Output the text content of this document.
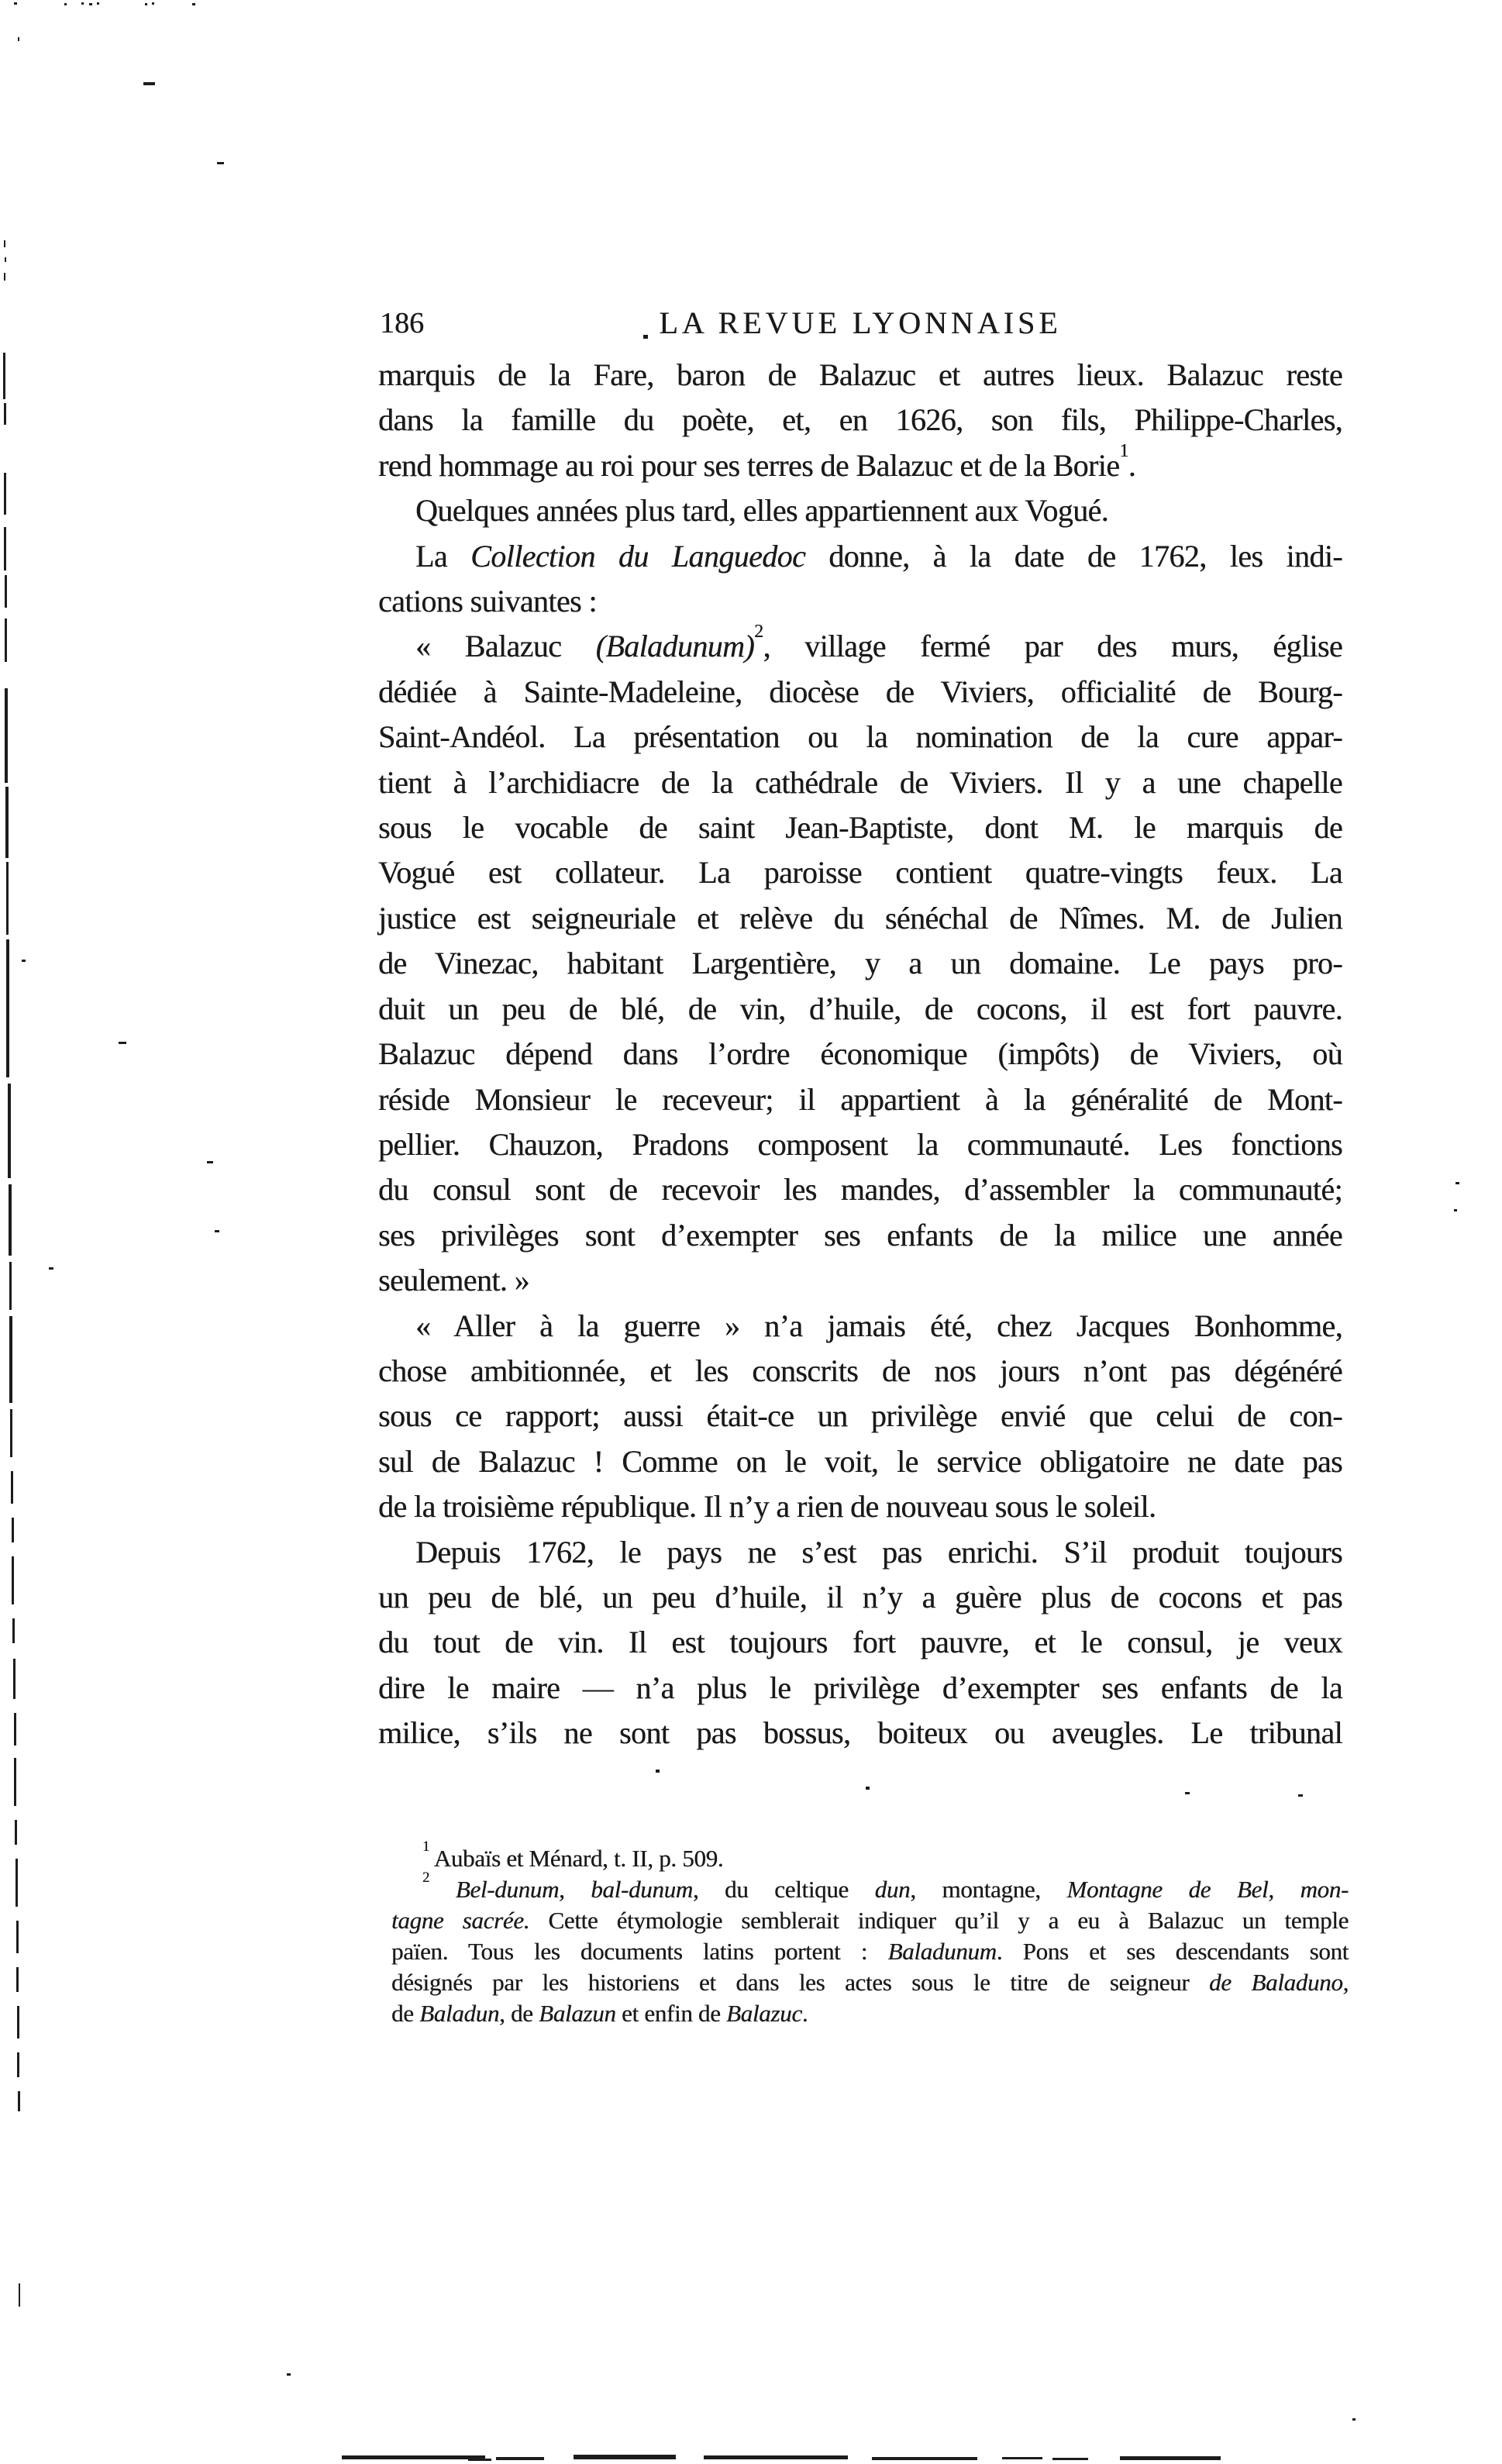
186	LA REVUE LYONNAISE
marquis de la Fare, baron de Balazuc et autres lieux. Balazuc reste
dans la famille du poète, et, en 1626, son fils, Philippe-Charles,
rend hommage au roi pour ses terres de Balazuc et de la Borie$^1$.
Quelques années plus tard, elles appartiennent aux Vogué.
La Collection du Languedoc donne, à la date de 1762, les indi-
cations suivantes :
« Balazuc (Baladunum)$^2$, village fermé par des murs, église
dédiée à Sainte-Madeleine, diocèse de Viviers, officialité de Bourg-
Saint-Andéol. La présentation ou la nomination de la cure appar-
tient à l’archidiacre de la cathédrale de Viviers. Il y a une chapelle
sous le vocable de saint Jean-Baptiste, dont M. le marquis de
Vogué est collateur. La paroisse contient quatre-vingts feux. La
justice est seigneuriale et relève du sénéchal de Nîmes. M. de Julien
de Vinezac, habitant Largentière, y a un domaine. Le pays pro-
duit un peu de blé, de vin, d’huile, de cocons, il est fort pauvre.
Balazuc dépend dans l’ordre économique (impôts) de Viviers, où
réside Monsieur le receveur; il appartient à la généralité de Mont-
pellier. Chauzon, Pradons composent la communauté. Les fonctions
du consul sont de recevoir les mandes, d’assembler la communauté;
ses privilèges sont d’exempter ses enfants de la milice une année
seulement. »
« Aller à la guerre » n’a jamais été, chez Jacques Bonhomme,
chose ambitionnée, et les conscrits de nos jours n’ont pas dégénéré
sous ce rapport; aussi était-ce un privilège envié que celui de con-
sul de Balazuc ! Comme on le voit, le service obligatoire ne date pas
de la troisième république. Il n’y a rien de nouveau sous le soleil.
Depuis 1762, le pays ne s’est pas enrichi. S’il produit toujours
un peu de blé, un peu d’huile, il n’y a guère plus de cocons et pas
du tout de vin. Il est toujours fort pauvre, et le consul, je veux
dire le maire — n’a plus le privilège d’exempter ses enfants de la
milice, s’ils ne sont pas bossus, boiteux ou aveugles. Le tribunal
$^1$ Aubaïs et Ménard, t. II, p. 509.
$^2$ Bel-dunum, bal-dunum, du celtique dun, montagne, Montagne de Bel, mon-
tagne sacrée. Cette étymologie semblerait indiquer qu’il y a eu à Balazuc un temple
païen. Tous les documents latins portent : Baladunum. Pons et ses descendants sont
désignés par les historiens et dans les actes sous le titre de seigneur de Baladuno,
de Baladun, de Balazun et enfin de Balazuc.
